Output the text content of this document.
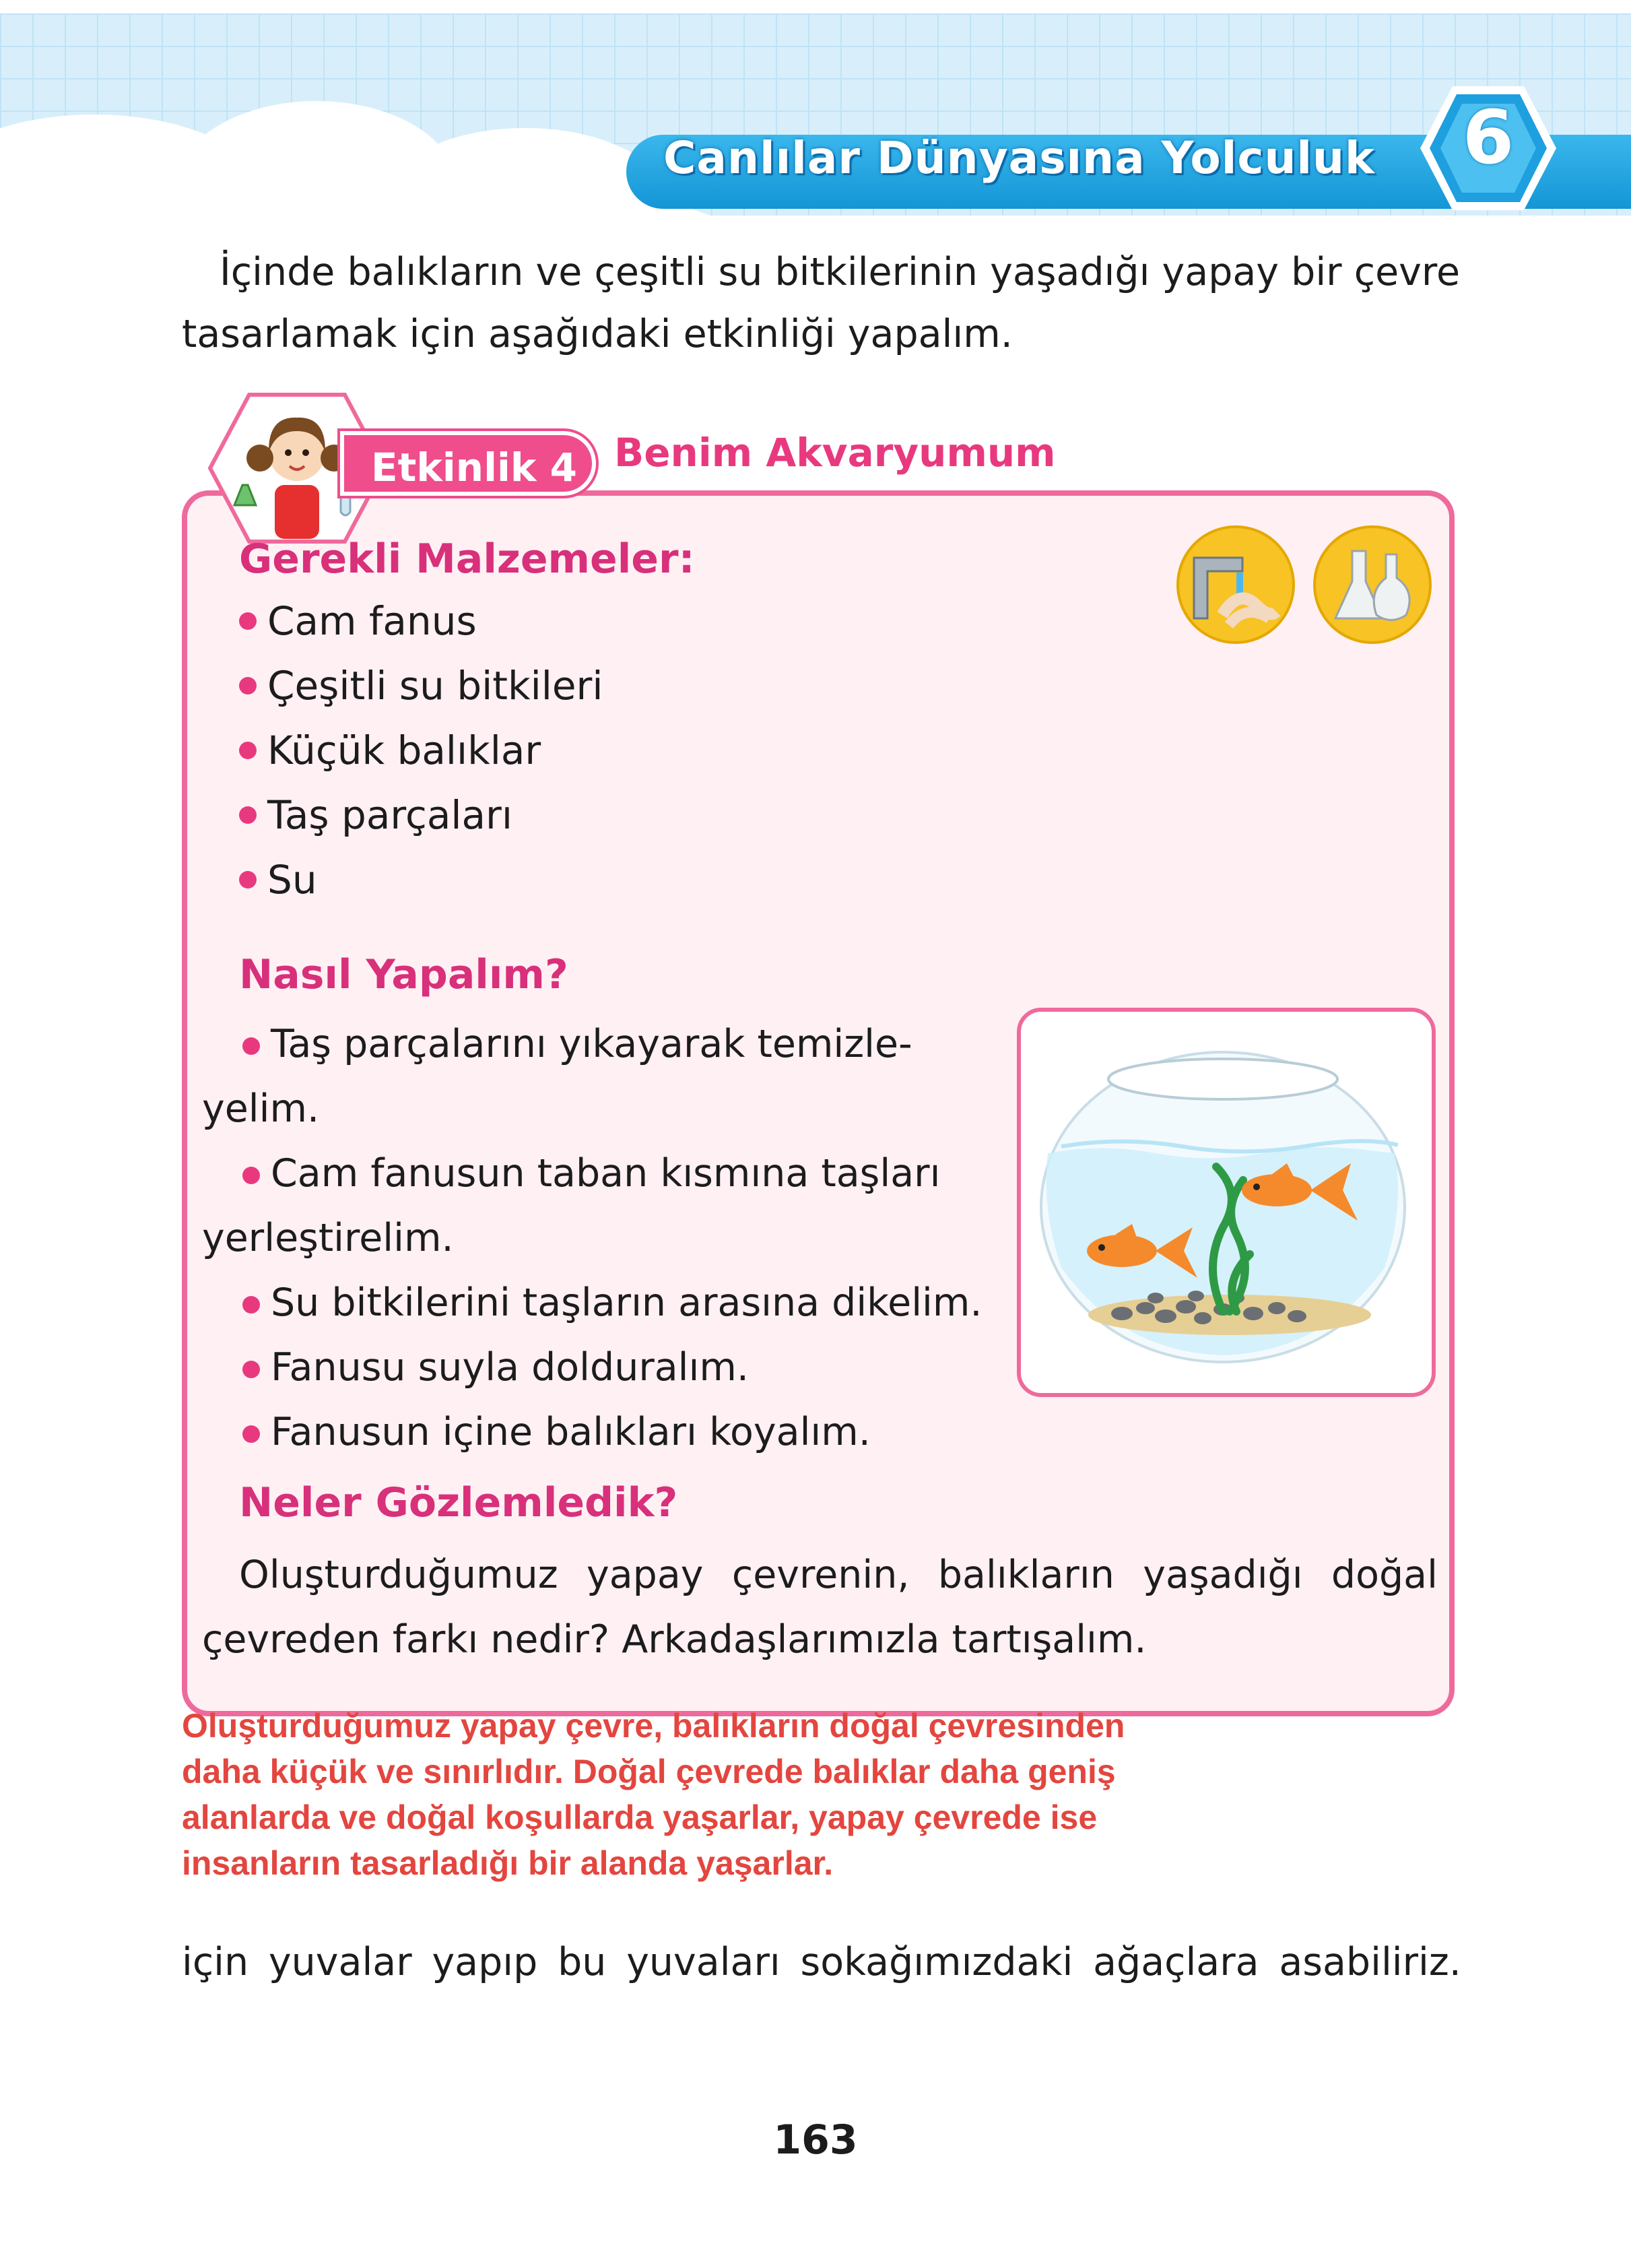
Canlılar Dünyasına Yolculuk	6
İçinde balıkların ve çeşitli su bitkilerinin yaşadığı yapay bir çevre
tasarlamak için aşağıdaki etkinliği yapalım.
Etkinlik 4 Benim Akvaryumum
Gerekli Malzemeler:
Cam fanus
Çeşitli su bitkileri
Küçük balıklar
Taş parçaları
Su
Nasıl Yapalım?
Taş parçalarını yıkayarak temizle-
yelim.
Cam fanusun taban kısmına taşları
yerleştirelim.
Su bitkilerini taşların arasına dikelim.
Fanusu suyla dolduralım.
Fanusun içine balıkları koyalım.
Neler Gözlemledik?
Oluşturduğumuz yapay çevrenin, balıkların yaşadığı doğal
çevreden farkı nedir? Arkadaşlarımızla tartışalım.
Oluşturduğumuz yapay çevre, balıkların doğal çevresinden
daha küçük ve sınırlıdır. Doğal çevrede balıklar daha geniş
alanlarda ve doğal koşullarda yaşarlar, yapay çevrede ise
insanların tasarladığı bir alanda yaşarlar.
için yuvalar yapıp bu yuvaları sokağımızdaki ağaçlara asabiliriz.
163
